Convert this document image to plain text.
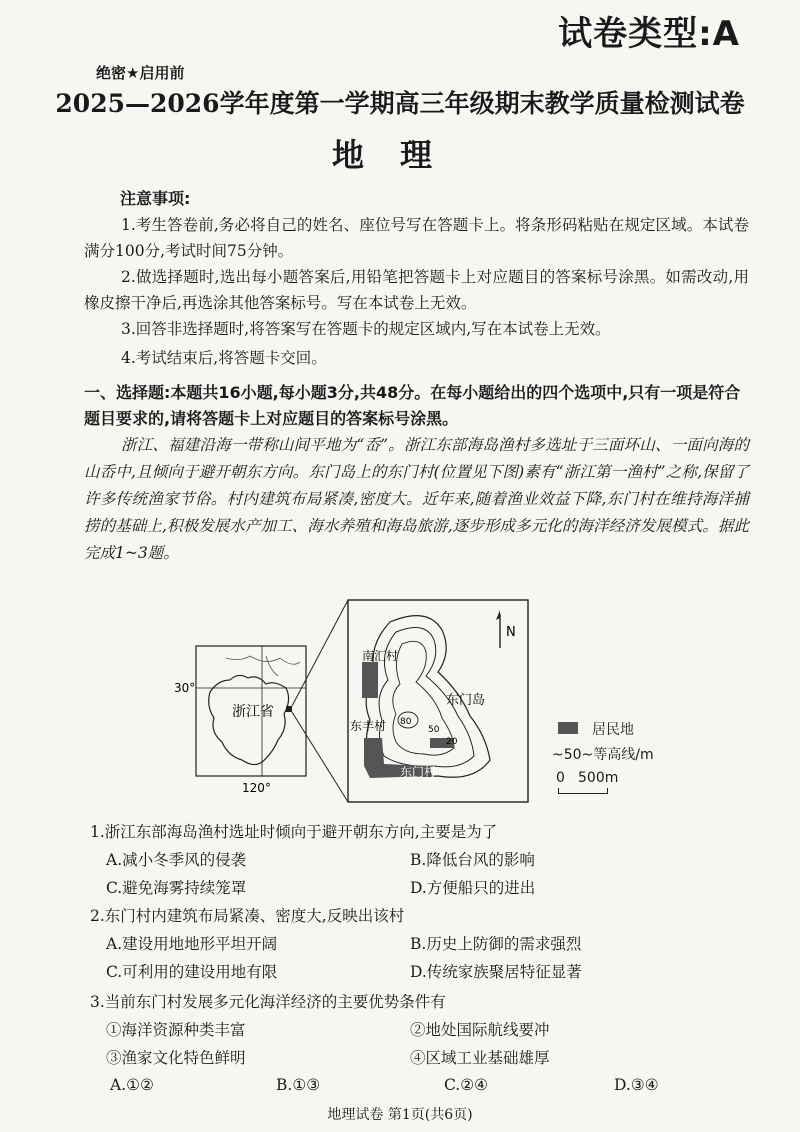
试卷类型:A
绝密★启用前
2025—2026学年度第一学期高三年级期末教学质量检测试卷
地理
注意事项:

1.考生答卷前,务必将自己的姓名、座位号写在答题卡上。将条形码粘贴在规定区域。本试卷满分100分,考试时间75分钟。

2.做选择题时,选出每小题答案后,用铅笔把答题卡上对应题目的答案标号涂黑。如需改动,用橡皮擦干净后,再选涂其他答案标号。写在本试卷上无效。

3.回答非选择题时,将答案写在答题卡的规定区域内,写在本试卷上无效。

4.考试结束后,将答题卡交回。

一、选择题:本题共16小题,每小题3分,共48分。在每小题给出的四个选项中,只有一项是符合题目要求的,请将答题卡上对应题目的答案标号涂黑。

浙江、福建沿海一带称山间平地为“岙”。浙江东部海岛渔村多选址于三面环山、一面向海的山岙中,且倾向于避开朝东方向。东门岛上的东门村(位置见下图)素有“浙江第一渔村”之称,保留了许多传统渔家节俗。村内建筑布局紧凑,密度大。近年来,随着渔业效益下降,东门村在维持海洋捕捞的基础上,积极发展水产加工、海水养殖和海岛旅游,逐步形成多元化的海洋经济发展模式。据此完成1~3题。

30°
120°
浙江省
N
南汇村
东门岛
东丰村
东门村
80
50
20
居民地
~50~等高线/m
0 500m
1.浙江东部海岛渔村选址时倾向于避开朝东方向,主要是为了
A.减小冬季风的侵袭	B.降低台风的影响
C.避免海雾持续笼罩	D.方便船只的进出
2.东门村内建筑布局紧凑、密度大,反映出该村
A.建设用地地形平坦开阔	B.历史上防御的需求强烈
C.可利用的建设用地有限	D.传统家族聚居特征显著
3.当前东门村发展多元化海洋经济的主要优势条件有
①海洋资源种类丰富	②地处国际航线要冲
③渔家文化特色鲜明	④区域工业基础雄厚
A.①②	B.①③	C.②④	D.③④
地理试卷 第1页(共6页)
